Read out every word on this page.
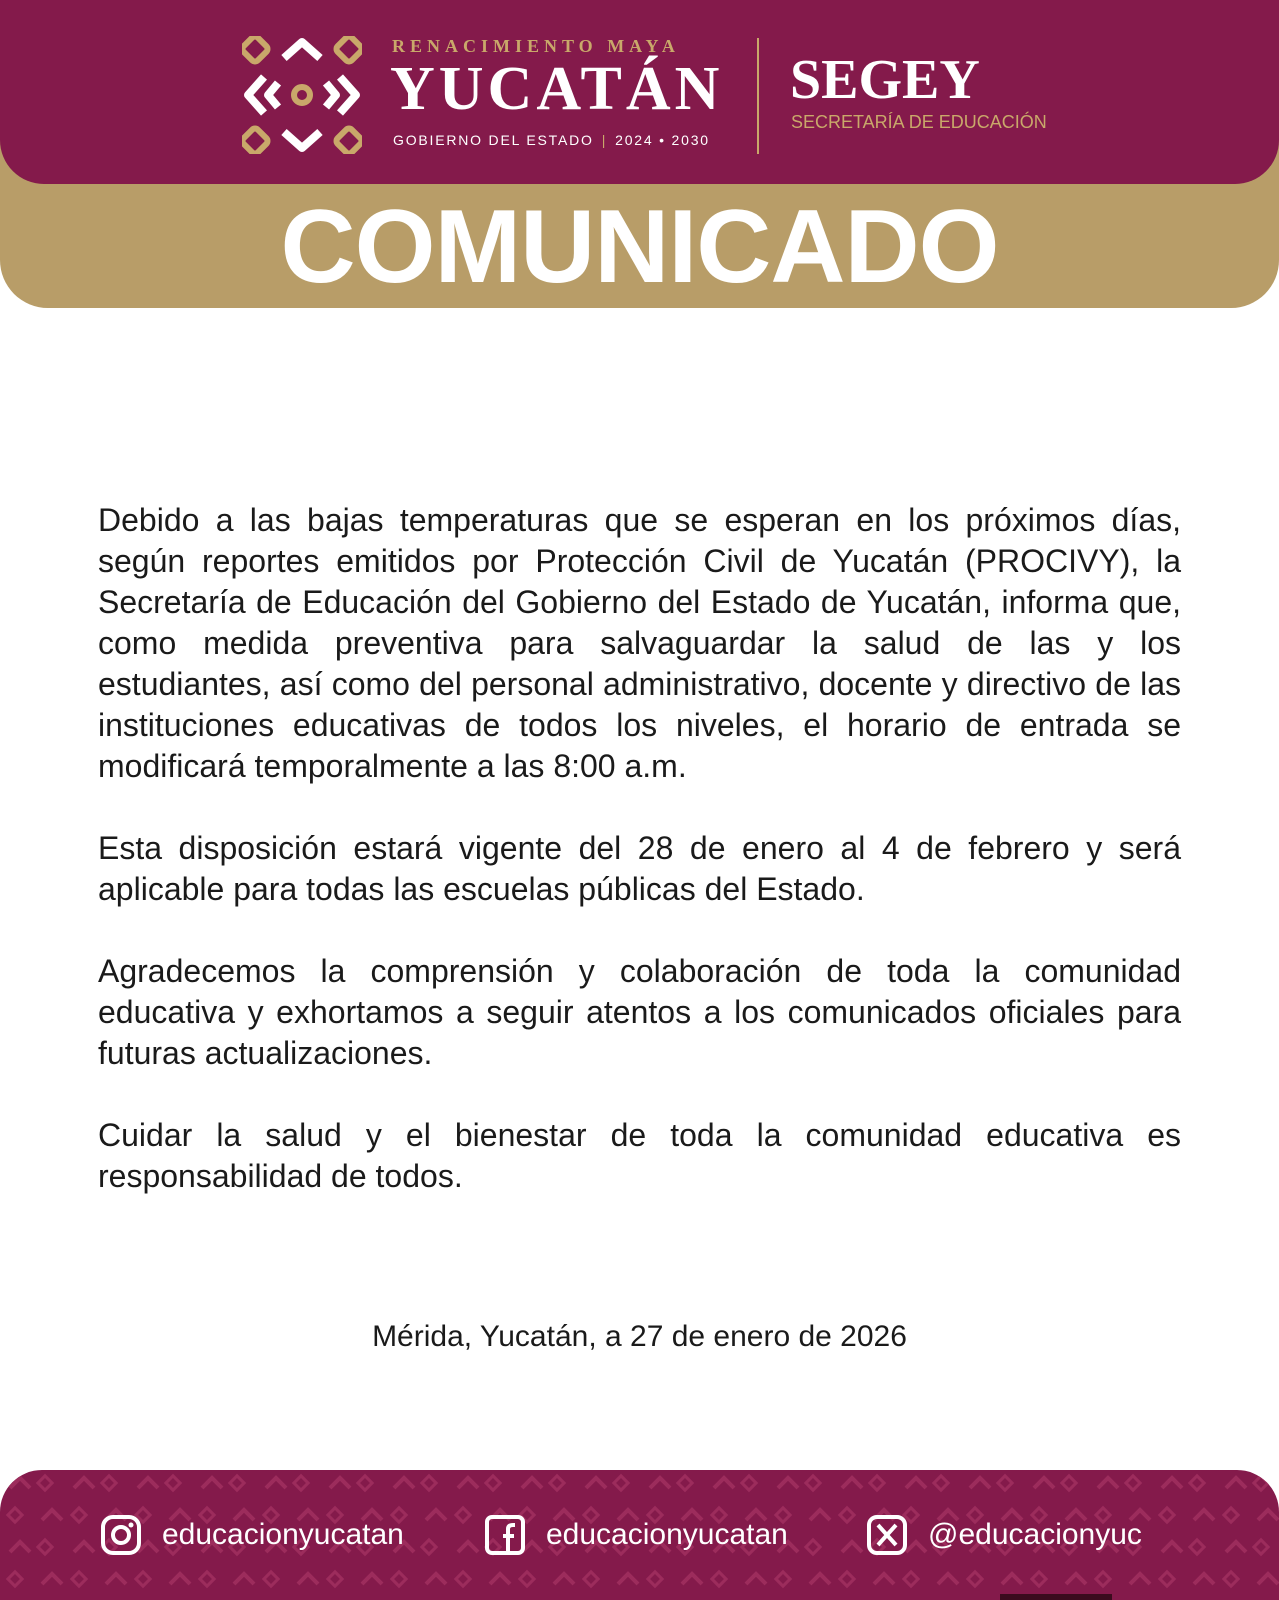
RENACIMIENTO MAYA
YUCATÁN
GOBIERNO DEL ESTADO | 2024 • 2030
SEGEY
SECRETARÍA DE EDUCACIÓN
COMUNICADO

Debido a las bajas temperaturas que se esperan en los próximos días, según reportes emitidos por Protección Civil de Yucatán (PROCIVY), la Secretaría de Educación del Gobierno del Estado de Yucatán, informa que, como medida preventiva para salvaguardar la salud de las y los estudiantes, así como del personal administrativo, docente y directivo de las instituciones educativas de todos los niveles, el horario de entrada se modificará temporalmente a las 8:00 a.m.

Esta disposición estará vigente del 28 de enero al 4 de febrero y será aplicable para todas las escuelas públicas del Estado.

Agradecemos la comprensión y colaboración de toda la comunidad educativa y exhortamos a seguir atentos a los comunicados oficiales para futuras actualizaciones.

Cuidar la salud y el bienestar de toda la comunidad educativa es responsabilidad de todos.

Mérida, Yucatán, a 27 de enero de 2026
educacionyucatan	educacionyucatan	@educacionyuc
